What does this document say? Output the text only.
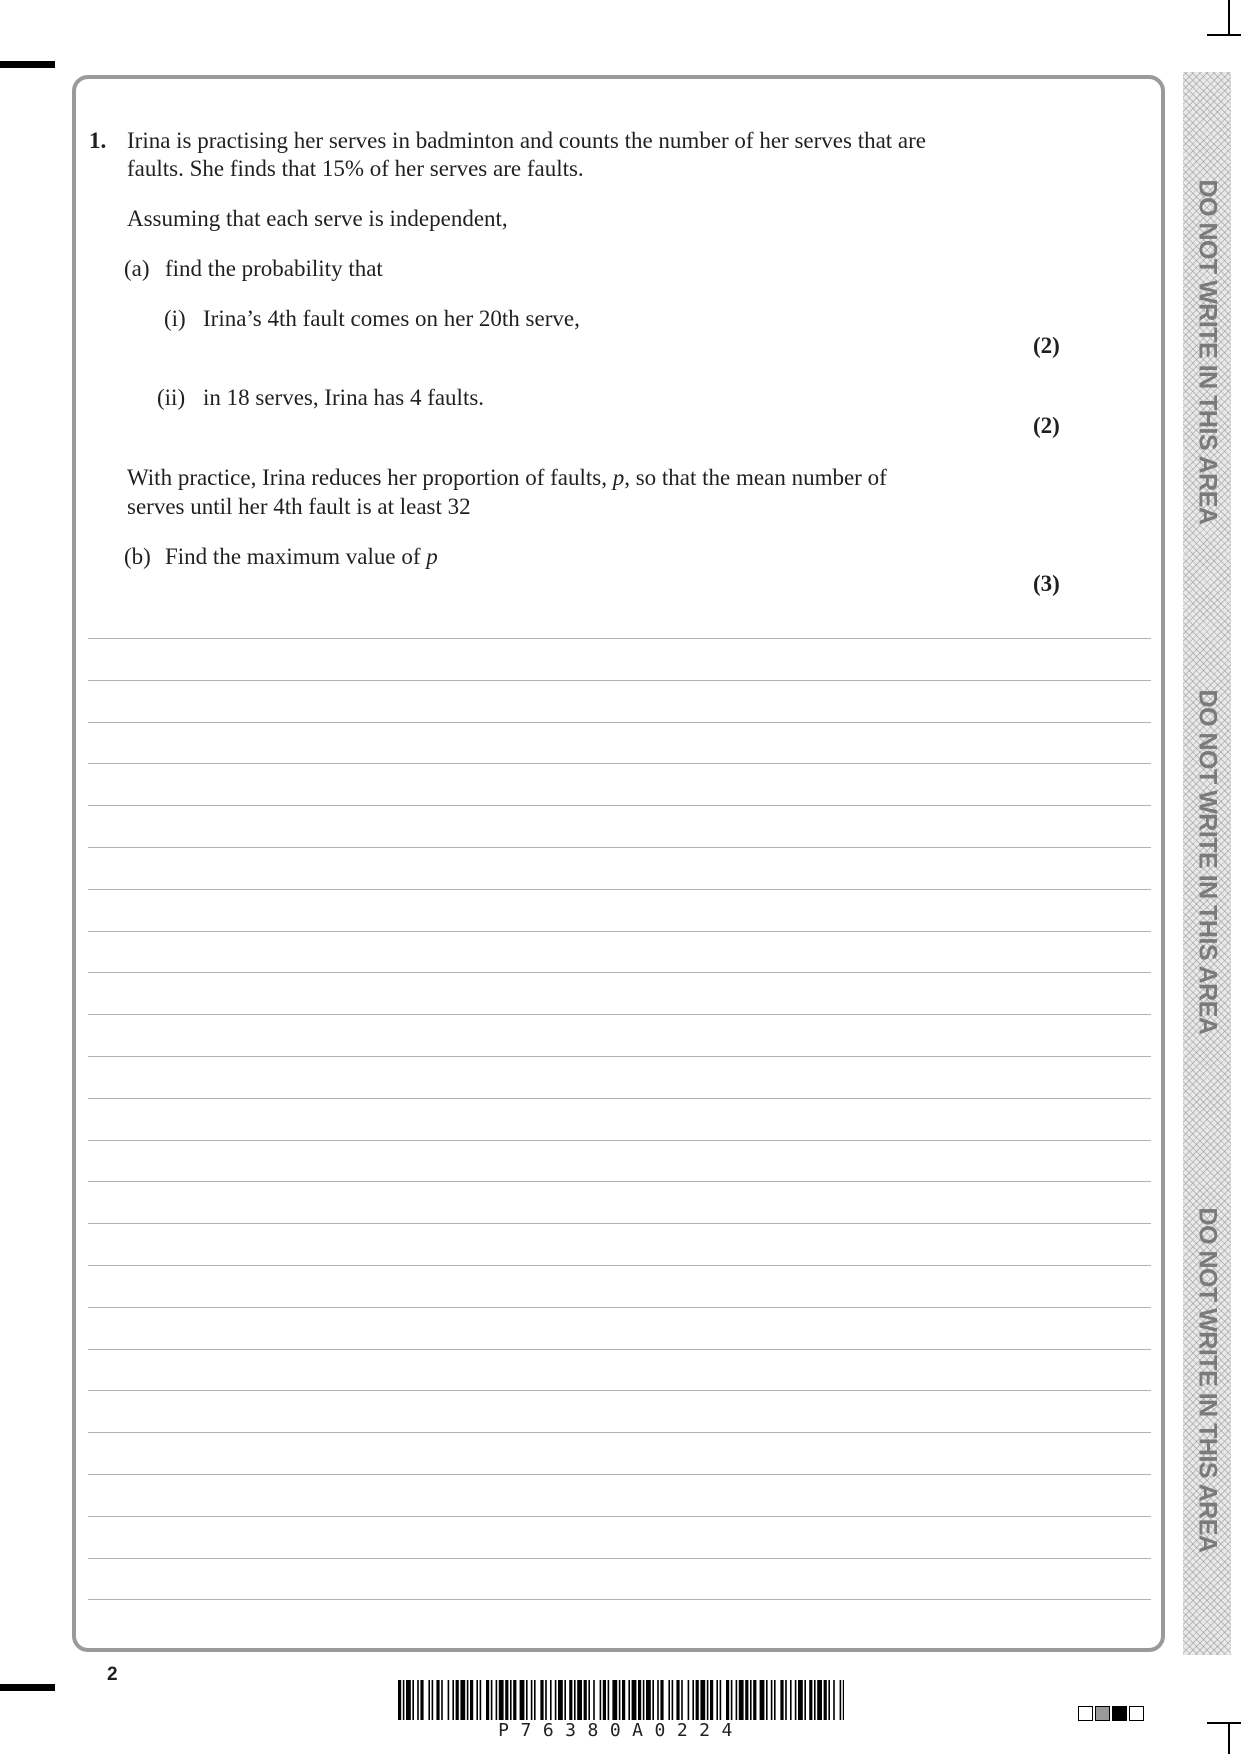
1. Irina is practising her serves in badminton and counts the number of her serves that are
faults. She finds that 15% of her serves are faults.
Assuming that each serve is independent,
(a) find the probability that
(i) Irina’s 4th fault comes on her 20th serve,
(2)
(ii) in 18 serves, Irina has 4 faults.
(2)
With practice, Irina reduces her proportion of faults, p, so that the mean number of
serves until her 4th fault is at least 32
(b) Find the maximum value of p
(3)
DO NOT WRITE IN THIS AREA
DO NOT WRITE IN THIS AREA
DO NOT WRITE IN THIS AREA
2
P76380A0224
